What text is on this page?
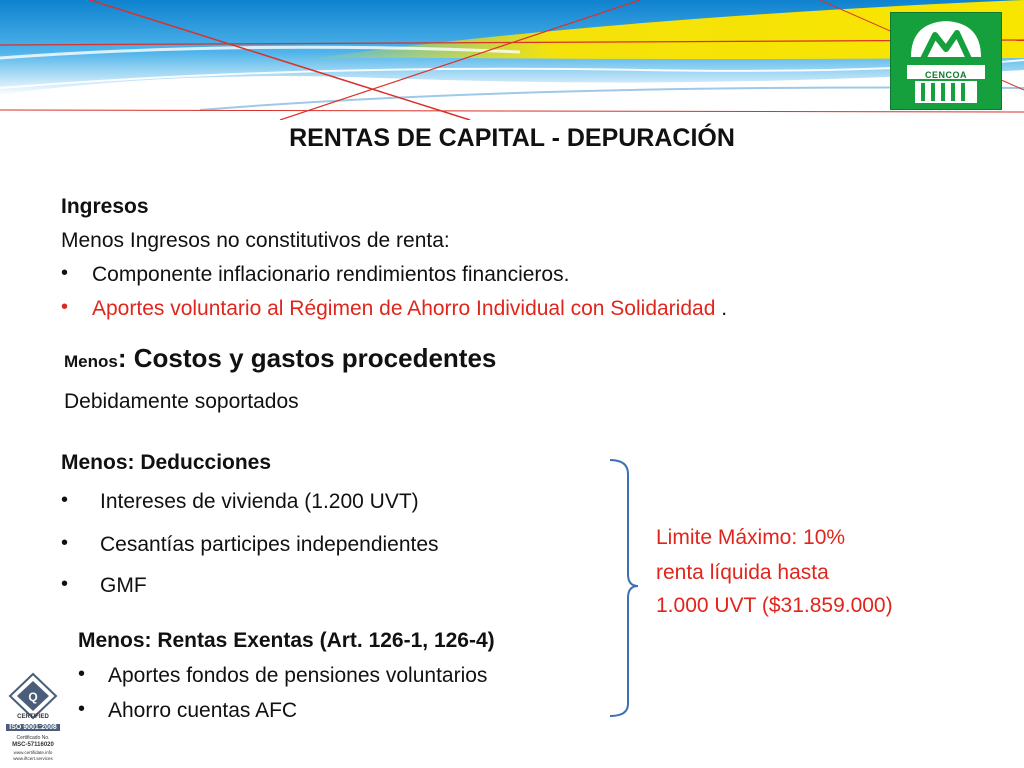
CENCOA
RENTAS DE CAPITAL - DEPURACIÓN
Ingresos
Menos Ingresos no constitutivos de renta:
• Componente inflacionario rendimientos financieros.
• Aportes voluntario al Régimen de Ahorro Individual con Solidaridad .
Menos: Costos y gastos procedentes
Debidamente soportados
Menos: Deducciones
• Intereses de vivienda (1.200 UVT)
• Cesantías participes independientes
• GMF
Menos: Rentas Exentas (Art. 126-1, 126-4)
• Aportes fondos de pensiones voluntarios
• Ahorro cuentas AFC
Limite Máximo: 10%
renta líquida hasta
1.000 UVT ($31.859.000)
Q
CERTIFIED
ISO 9001:2008
Certificado No.
MSC-57116020
www.certifidate.info
www.iftcert.services
